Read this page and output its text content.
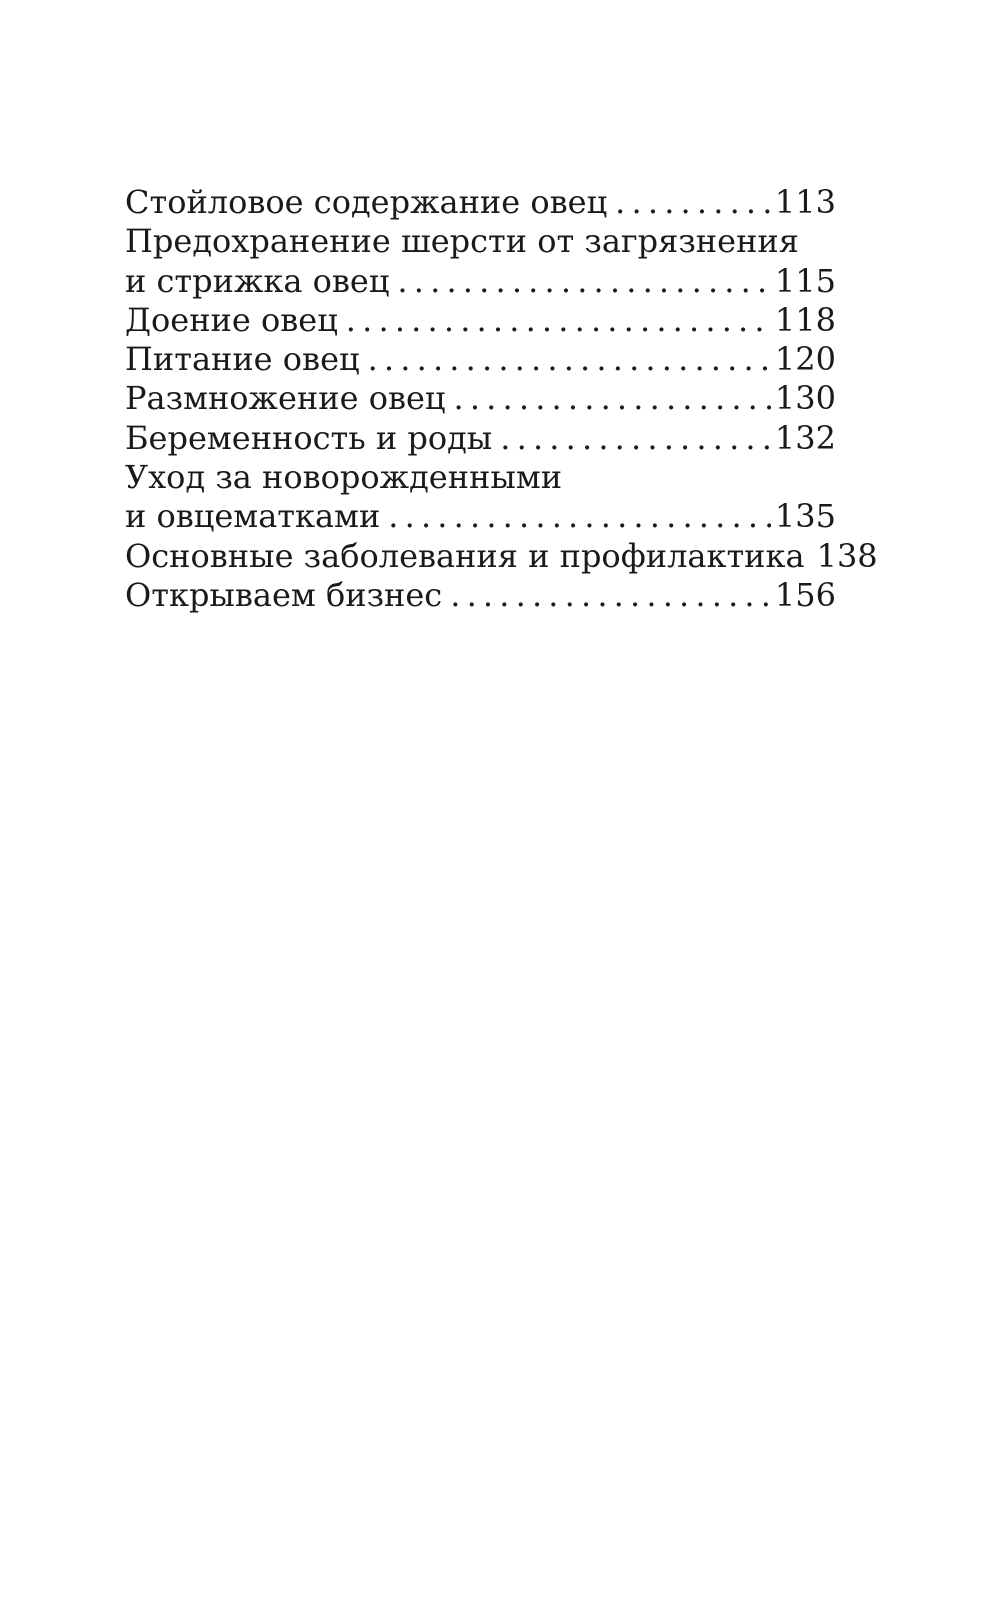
Стойловое содержание овец . . .	113
Предохранение шерсти от загрязнения
и стрижка овец . . .	115
Доение овец . . .	118
Питание овец . . .	120
Размножение овец . . .	130
Беременность и роды . . .	132
Уход за новорожденными
и овцематками . . .	135
Основные заболевания и профилактика 138
Открываем бизнес . . .	156
